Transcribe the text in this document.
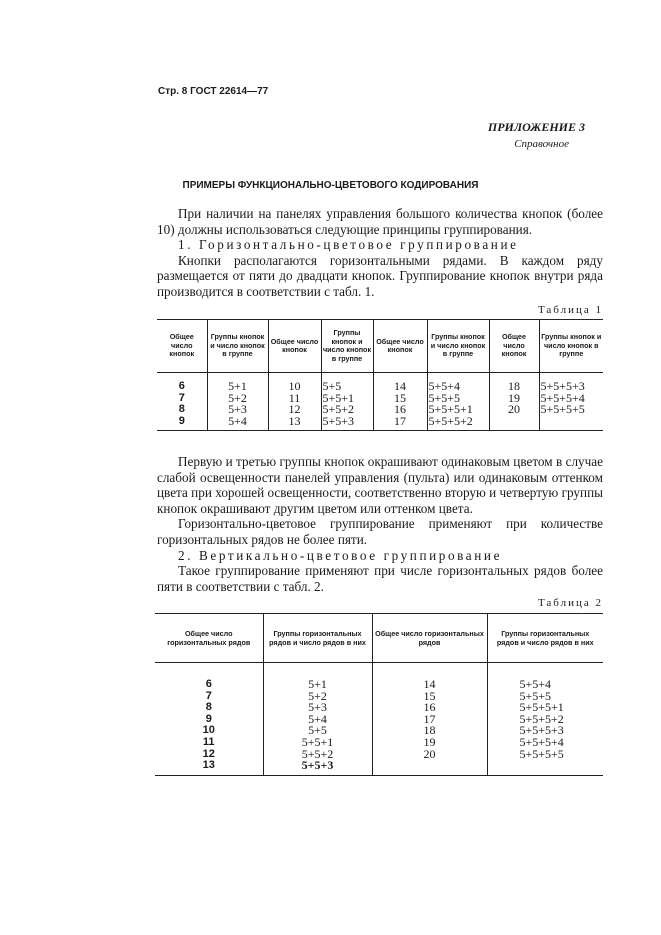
Стр. 8 ГОСТ 22614—77
ПРИЛОЖЕНИЕ 3
Справочное
ПРИМЕРЫ ФУНКЦИОНАЛЬНО-ЦВЕТОВОГО КОДИРОВАНИЯ

При наличии на панелях управления большого количества кнопок (более 10) должны использоваться следующие принципы группирования.

1. Горизонтально-цветовое группирование

Кнопки располагаются горизонтальными рядами. В каждом ряду размещается от пяти до двадцати кнопок. Группирование кнопок внутри ряда производится в соответствии с табл. 1.

Таблица 1
Общее число кнопок	Группы кнопок и число кнопок в группе	Общее число кнопок	Группы кнопок и число кнопок в группе	Общее число кнопок	Группы кнопок и число кнопок в группе	Общее число кнопок	Группы кнопок и число кнопок в группе
6	5+1	10	5+5	14	5+5+4	18	5+5+5+3
7	5+2	11	5+5+1	15	5+5+5	19	5+5+5+4
8	5+3	12	5+5+2	16	5+5+5+1	20	5+5+5+5
9	5+4	13	5+5+3	17	5+5+5+2		

Первую и третью группы кнопок окрашивают одинаковым цветом в случае слабой освещенности панелей управления (пульта) или одинаковым оттенком цвета при хорошей освещенности, соответственно вторую и четвертую группы кнопок окрашивают другим цветом или оттенком цвета.

Горизонтально-цветовое группирование применяют при количестве горизонтальных рядов не более пяти.

2. Вертикально-цветовое группирование

Такое группирование применяют при числе горизонтальных рядов более пяти в соответствии с табл. 2.

Таблица 2
Общее число горизонтальных рядов	Группы горизонтальных рядов и число рядов в них	Общее число горизонтальных рядов	Группы горизонтальных рядов и число рядов в них
6	5+1	14	5+5+4
7	5+2	15	5+5+5
8	5+3	16	5+5+5+1
9	5+4	17	5+5+5+2
10	5+5	18	5+5+5+3
11	5+5+1	19	5+5+5+4
12	5+5+2	20	5+5+5+5
13	5+5+3		
